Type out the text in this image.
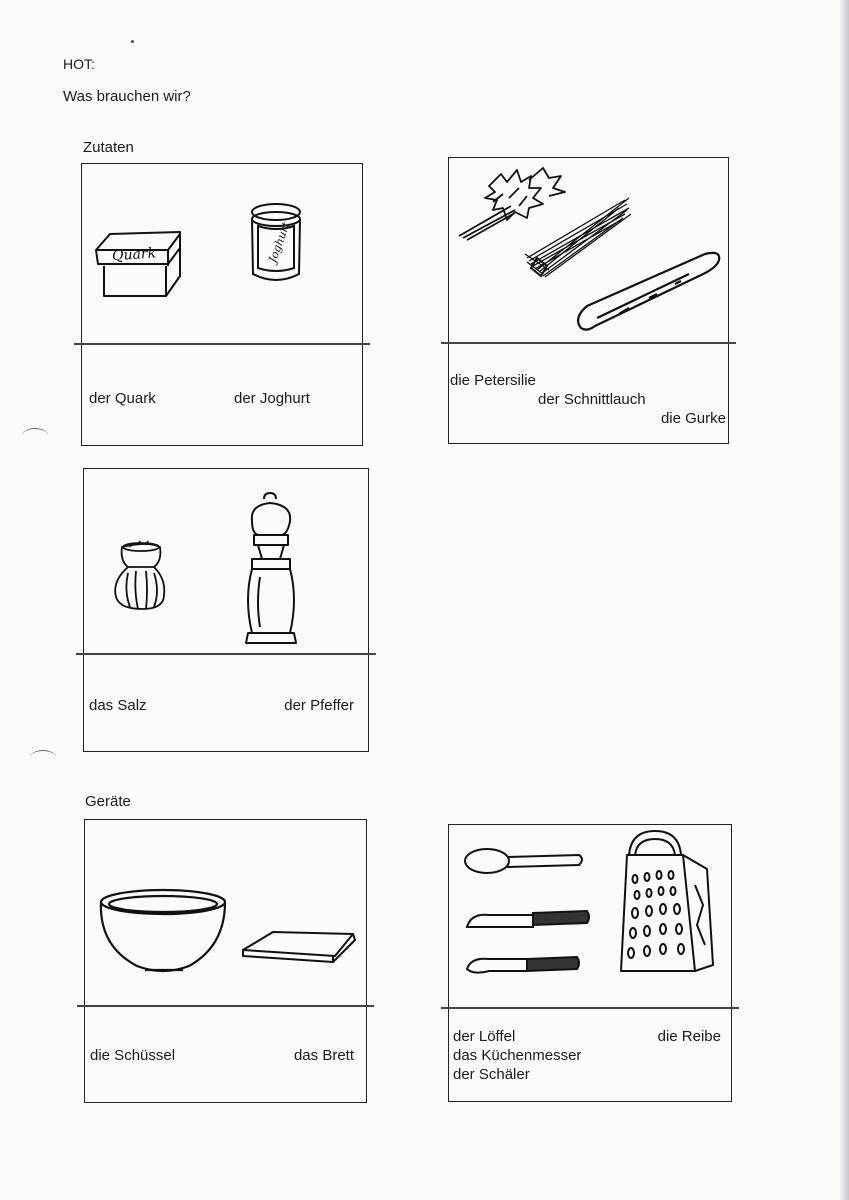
HOT:
Was brauchen wir?
Zutaten
Geräte
Quark	Joghurt
der Quark	der Joghurt
die Petersilie
der Schnittlauch
die Gurke
das Salz	der Pfeffer
die Schüssel	das Brett
der Löffel
das Küchenmesser
der Schäler
die Reibe
